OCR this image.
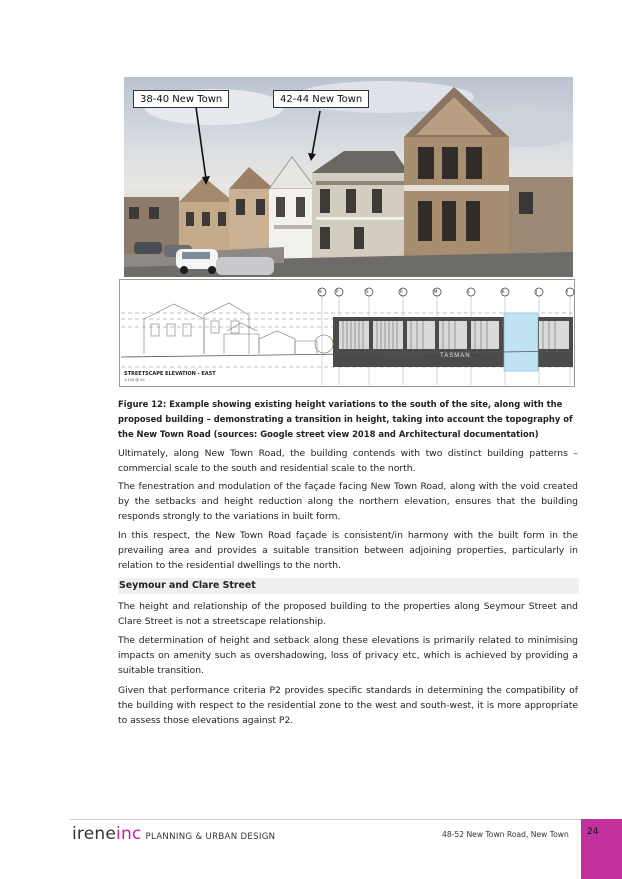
38-40 New Town	42-44 New Town
TASMAN
STREETSCAPE ELEVATION - EAST
1:100 @ A1
8	P	S	R	M	L	K	J	I
Figure 12: Example showing existing height variations to the south of the site, along with the proposed building – demonstrating a transition in height, taking into account the topography of the New Town Road (sources: Google street view 2018 and Architectural documentation)

Ultimately, along New Town Road, the building contends with two distinct building patterns – commercial scale to the south and residential scale to the north.

The fenestration and modulation of the façade facing New Town Road, along with the void created by the setbacks and height reduction along the northern elevation, ensures that the building responds strongly to the variations in built form.

In this respect, the New Town Road façade is consistent/in harmony with the built form in the prevailing area and provides a suitable transition between adjoining properties, particularly in relation to the residential dwellings to the north.

Seymour and Clare Street

The height and relationship of the proposed building to the properties along Seymour Street and Clare Street is not a streetscape relationship.

The determination of height and setback along these elevations is primarily related to minimising impacts on amenity such as overshadowing, loss of privacy etc, which is achieved by providing a suitable transition.

Given that performance criteria P2 provides specific standards in determining the compatibility of the building with respect to the residential zone to the west and south-west, it is more appropriate to assess those elevations against P2.

ireneinc PLANNING & URBAN DESIGN	48-52 New Town Road, New Town 24
